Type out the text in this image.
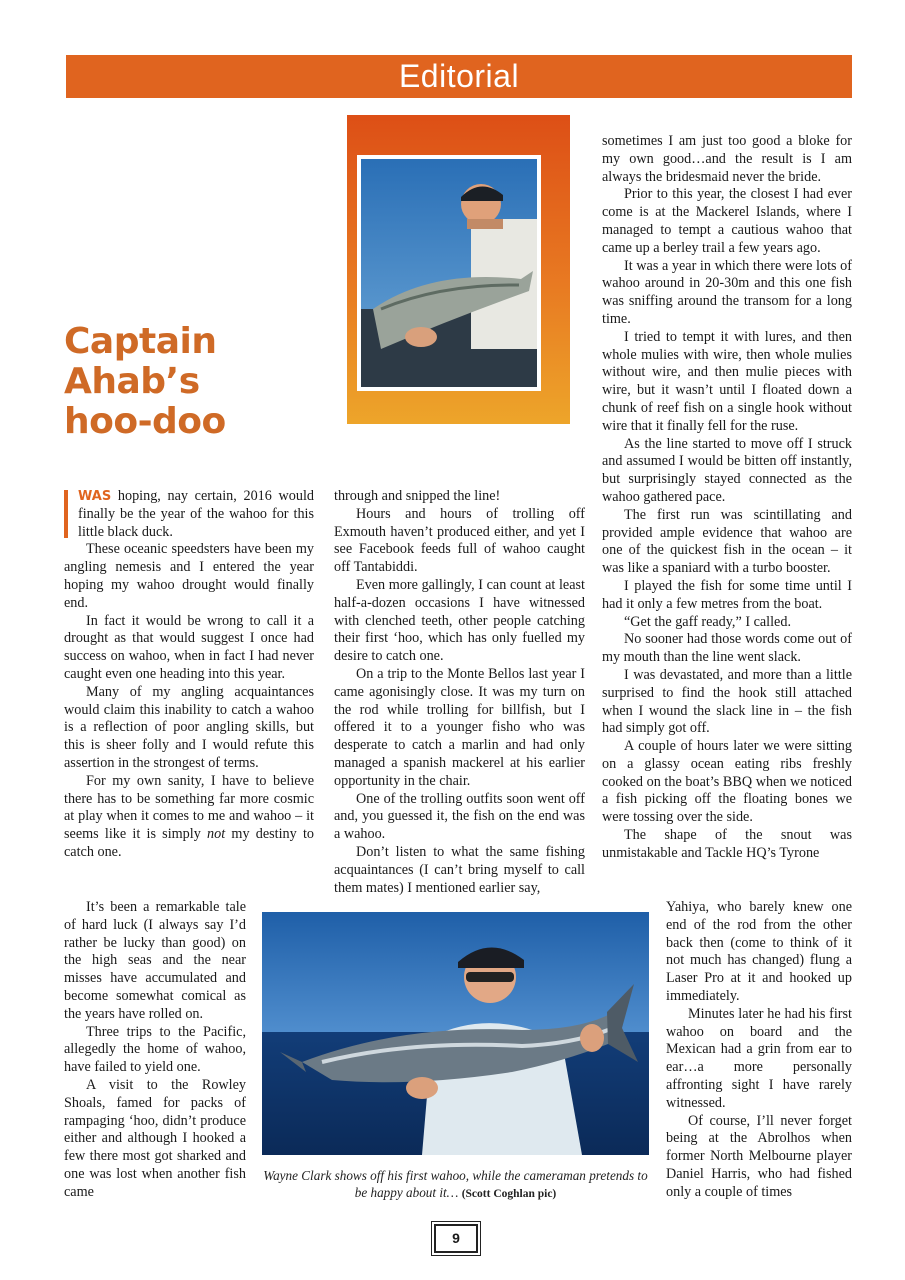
Editorial
Captain
Ahab’s
hoo-doo

WAS hoping, nay certain, 2016 would finally be the year of the wahoo for this little black duck.

These oceanic speedsters have been my angling nemesis and I entered the year hoping my wahoo drought would finally end.

In fact it would be wrong to call it a drought as that would suggest I once had success on wahoo, when in fact I had never caught even one heading into this year.

Many of my angling acquaintances would claim this inability to catch a wahoo is a reflection of poor angling skills, but this is sheer folly and I would refute this assertion in the strongest of terms.

For my own sanity, I have to believe there has to be something far more cosmic at play when it comes to me and wahoo – it seems like it is simply not my destiny to catch one.

It’s been a remarkable tale of hard luck (I always say I’d rather be lucky than good) on the high seas and the near misses have accumulated and become somewhat comical as the years have rolled on.

Three trips to the Pacific, allegedly the home of wahoo, have failed to yield one.

A visit to the Rowley Shoals, famed for packs of rampaging ‘hoo, didn’t produce either and although I hooked a few there most got sharked and one was lost when another fish came

through and snipped the line!

Hours and hours of trolling off Exmouth haven’t produced either, and yet I see Facebook feeds full of wahoo caught off Tantabiddi.

Even more gallingly, I can count at least half-a-dozen occasions I have witnessed with clenched teeth, other people catching their first ‘hoo, which has only fuelled my desire to catch one.

On a trip to the Monte Bellos last year I came agonisingly close. It was my turn on the rod while trolling for billfish, but I offered it to a younger fisho who was desperate to catch a marlin and had only managed a spanish mackerel at his earlier opportunity in the chair.

One of the trolling outfits soon went off and, you guessed it, the fish on the end was a wahoo.

Don’t listen to what the same fishing acquaintances (I can’t bring myself to call them mates) I mentioned earlier say,

sometimes I am just too good a bloke for my own good…and the result is I am always the bridesmaid never the bride.

Prior to this year, the closest I had ever come is at the Mackerel Islands, where I managed to tempt a cautious wahoo that came up a berley trail a few years ago.

It was a year in which there were lots of wahoo around in 20-30m and this one fish was sniffing around the transom for a long time.

I tried to tempt it with lures, and then whole mulies with wire, then whole mulies without wire, and then mulie pieces with wire, but it wasn’t until I floated down a chunk of reef fish on a single hook without wire that it finally fell for the ruse.

As the line started to move off I struck and assumed I would be bitten off instantly, but surprisingly stayed connected as the wahoo gathered pace.

The first run was scintillating and provided ample evidence that wahoo are one of the quickest fish in the ocean – it was like a spaniard with a turbo booster.

I played the fish for some time until I had it only a few metres from the boat.

“Get the gaff ready,” I called.

No sooner had those words come out of my mouth than the line went slack.

I was devastated, and more than a little surprised to find the hook still attached when I wound the slack line in – the fish had simply got off.

A couple of hours later we were sitting on a glassy ocean eating ribs freshly cooked on the boat’s BBQ when we noticed a fish picking off the floating bones we were tossing over the side.

The shape of the snout was unmistakable and Tackle HQ’s Tyrone

Yahiya, who barely knew one end of the rod from the other back then (come to think of it not much has changed) flung a Laser Pro at it and hooked up immediately.

Minutes later he had his first wahoo on board and the Mexican had a grin from ear to ear…a more personally affronting sight I have rarely witnessed.

Of course, I’ll never forget being at the Abrolhos when former North Melbourne player Daniel Harris, who had fished only a couple of times

Wayne Clark shows off his first wahoo, while the cameraman pretends to be happy about it… (Scott Coghlan pic)
9
